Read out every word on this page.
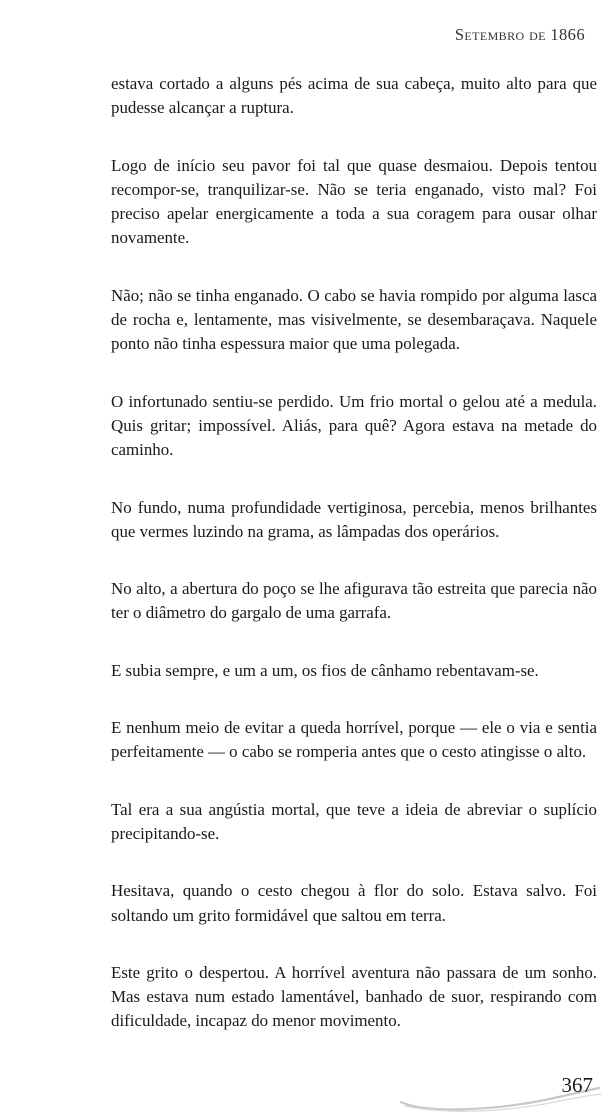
Setembro de 1866

estava cortado a alguns pés acima de sua cabeça, muito alto para que pudesse alcançar a ruptura.

Logo de início seu pavor foi tal que quase desmaiou. Depois tentou recompor-se, tranquilizar-se. Não se teria enganado, visto mal? Foi preciso apelar energicamente a toda a sua coragem para ousar olhar novamente.

Não; não se tinha enganado. O cabo se havia rompido por alguma lasca de rocha e, lentamente, mas visivelmente, se desembaraçava. Naquele ponto não tinha espessura maior que uma polegada.

O infortunado sentiu-se perdido. Um frio mortal o gelou até a medula. Quis gritar; impossível. Aliás, para quê? Agora estava na metade do caminho.

No fundo, numa profundidade vertiginosa, percebia, menos brilhantes que vermes luzindo na grama, as lâmpadas dos operários.

No alto, a abertura do poço se lhe afigurava tão estreita que parecia não ter o diâmetro do gargalo de uma garrafa.

E subia sempre, e um a um, os fios de cânhamo rebentavam-se.

E nenhum meio de evitar a queda horrível, porque — ele o via e sentia perfeitamente — o cabo se romperia antes que o cesto atingisse o alto.

Tal era a sua angústia mortal, que teve a ideia de abreviar o suplício precipitando-se.

Hesitava, quando o cesto chegou à flor do solo. Estava salvo. Foi soltando um grito formidável que saltou em terra.

Este grito o despertou. A horrível aventura não passara de um sonho. Mas estava num estado lamentável, banhado de suor, respirando com dificuldade, incapaz do menor movimento.

367
